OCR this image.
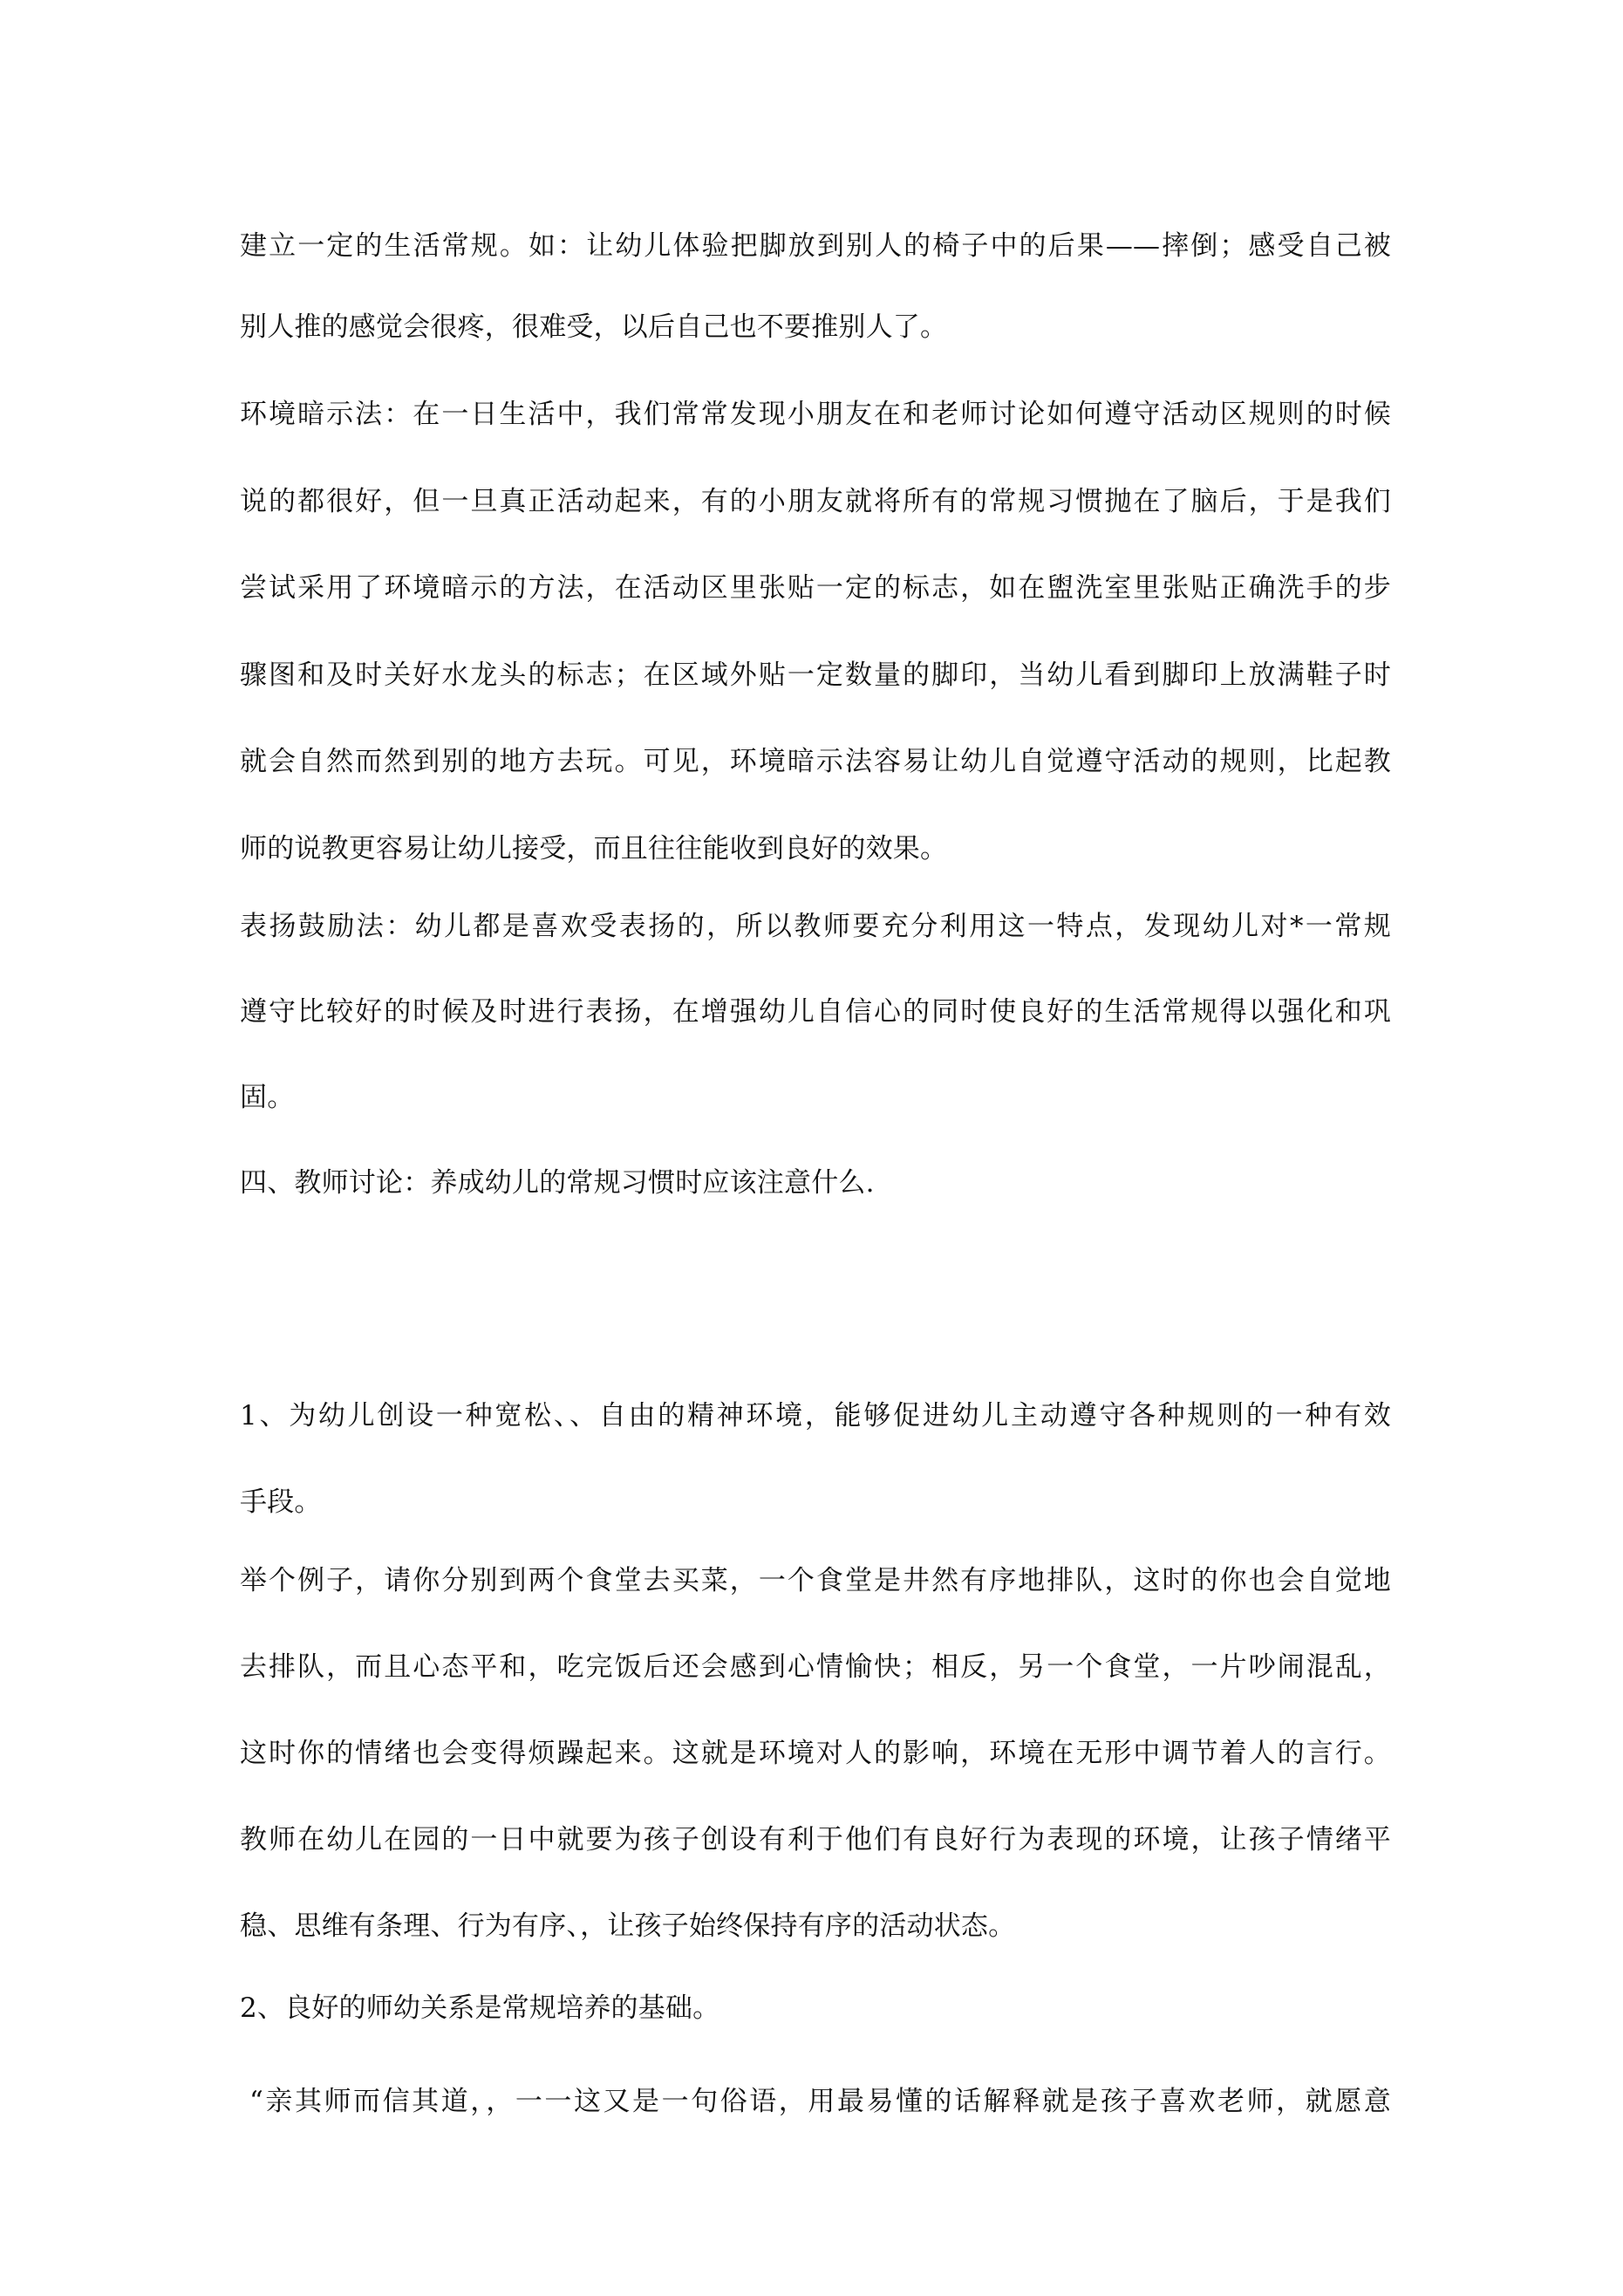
建立一定的生活常规。如：让幼儿体验把脚放到别人的椅子中的后果——摔倒；感受自己被
别人推的感觉会很疼，很难受，以后自己也不要推别人了。
环境暗示法：在一日生活中，我们常常发现小朋友在和老师讨论如何遵守活动区规则的时候
说的都很好，但一旦真正活动起来，有的小朋友就将所有的常规习惯抛在了脑后，于是我们
尝试采用了环境暗示的方法，在活动区里张贴一定的标志，如在盥洗室里张贴正确洗手的步
骤图和及时关好水龙头的标志；在区域外贴一定数量的脚印，当幼儿看到脚印上放满鞋子时
就会自然而然到别的地方去玩。可见，环境暗示法容易让幼儿自觉遵守活动的规则，比起教
师的说教更容易让幼儿接受，而且往往能收到良好的效果。
表扬鼓励法：幼儿都是喜欢受表扬的，所以教师要充分利用这一特点，发现幼儿对*一常规
遵守比较好的时候及时进行表扬，在增强幼儿自信心的同时使良好的生活常规得以强化和巩
固。
四、教师讨论：养成幼儿的常规习惯时应该注意什么.
1、为幼儿创设一种宽松、、自由的精神环境，能够促进幼儿主动遵守各种规则的一种有效
手段。
举个例子，请你分别到两个食堂去买菜，一个食堂是井然有序地排队，这时的你也会自觉地
去排队，而且心态平和，吃完饭后还会感到心情愉快；相反，另一个食堂，一片吵闹混乱，
这时你的情绪也会变得烦躁起来。这就是环境对人的影响，环境在无形中调节着人的言行。
教师在幼儿在园的一日中就要为孩子创设有利于他们有良好行为表现的环境，让孩子情绪平
稳、思维有条理、行为有序、，让孩子始终保持有序的活动状态。
2、良好的师幼关系是常规培养的基础。
“亲其师而信其道，，一一这又是一句俗语，用最易懂的话解释就是孩子喜欢老师，就愿意
